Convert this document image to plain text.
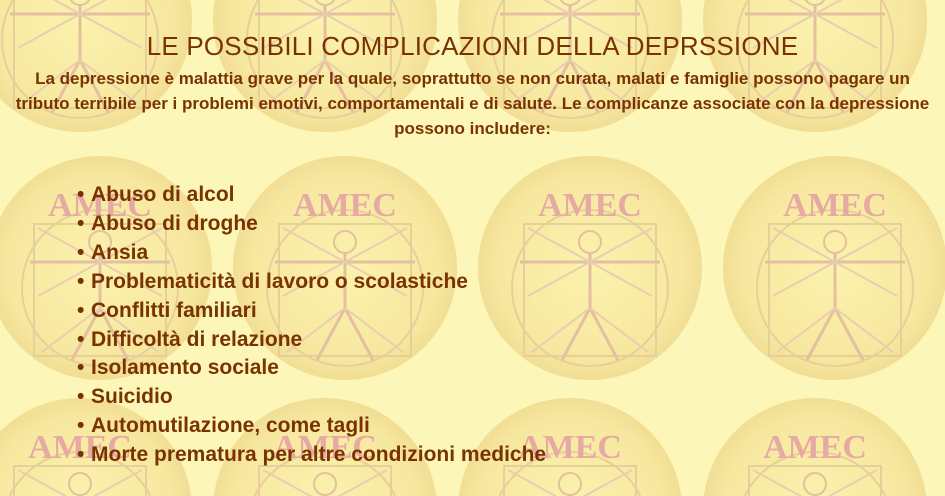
LE POSSIBILI COMPLICAZIONI DELLA DEPRSSIONE

La depressione è malattia grave per la quale, soprattutto se non curata, malati e famiglie possono pagare un tributo terribile per i problemi emotivi, comportamentali e di salute. Le complicanze associate con la depressione possono includere:

• Abuso di alcol
• Abuso di droghe
• Ansia
• Problematicità di lavoro o scolastiche
• Conflitti familiari
• Difficoltà di relazione
• Isolamento sociale
• Suicidio
• Automutilazione, come tagli
• Morte prematura per altre condizioni mediche
